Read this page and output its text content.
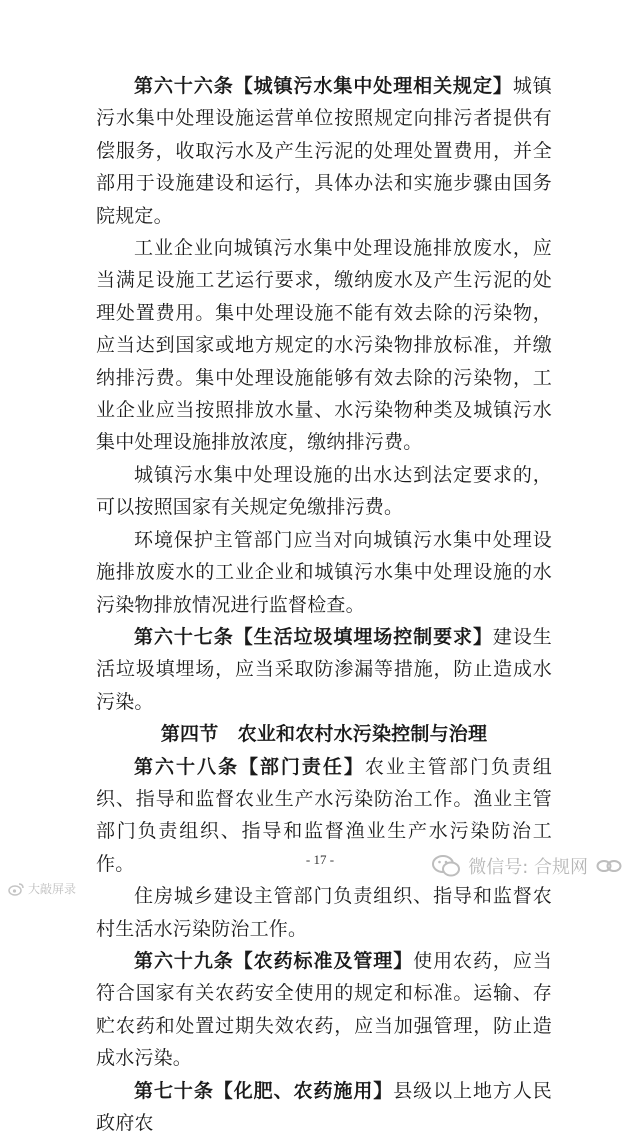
第六十六条【城镇污水集中处理相关规定】城镇污水集中处理设施运营单位按照规定向排污者提供有偿服务，收取污水及产生污泥的处理处置费用，并全部用于设施建设和运行，具体办法和实施步骤由国务院规定。

工业企业向城镇污水集中处理设施排放废水，应当满足设施工艺运行要求，缴纳废水及产生污泥的处理处置费用。集中处理设施不能有效去除的污染物，应当达到国家或地方规定的水污染物排放标准，并缴纳排污费。集中处理设施能够有效去除的污染物，工业企业应当按照排放水量、水污染物种类及城镇污水集中处理设施排放浓度，缴纳排污费。

城镇污水集中处理设施的出水达到法定要求的，可以按照国家有关规定免缴排污费。

环境保护主管部门应当对向城镇污水集中处理设施排放废水的工业企业和城镇污水集中处理设施的水污染物排放情况进行监督检查。

第六十七条【生活垃圾填埋场控制要求】建设生活垃圾填埋场，应当采取防渗漏等措施，防止造成水污染。

第四节　农业和农村水污染控制与治理

第六十八条【部门责任】农业主管部门负责组织、指导和监督农业生产水污染防治工作。渔业主管部门负责组织、指导和监督渔业生产水污染防治工作。

住房城乡建设主管部门负责组织、指导和监督农村生活水污染防治工作。

第六十九条【农药标准及管理】使用农药，应当符合国家有关农药安全使用的规定和标准。运输、存贮农药和处置过期失效农药，应当加强管理，防止造成水污染。

第七十条【化肥、农药施用】县级以上地方人民政府农

- 17 -	微信号: 合规网
大敲屏录
